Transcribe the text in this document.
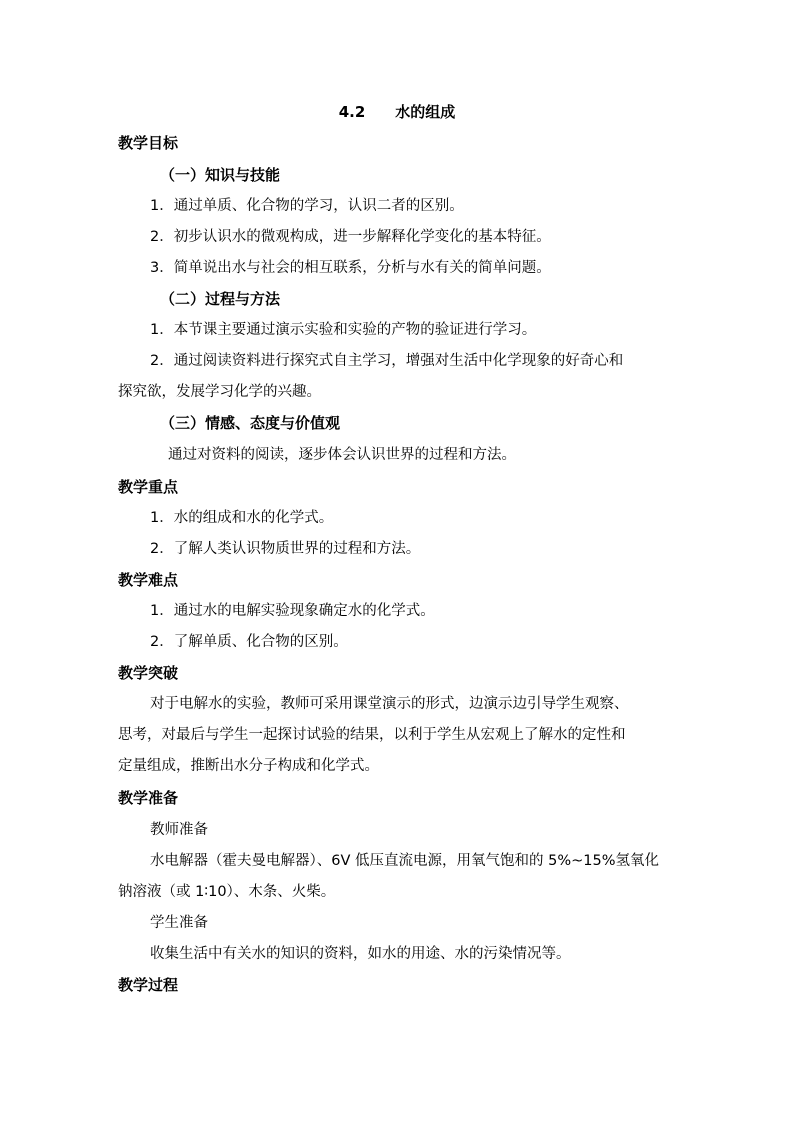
4.2　　水的组成
教学目标
（一）知识与技能
1．通过单质、化合物的学习，认识二者的区别。
2．初步认识水的微观构成，进一步解释化学变化的基本特征。
3．简单说出水与社会的相互联系，分析与水有关的简单问题。
（二）过程与方法
1．本节课主要通过演示实验和实验的产物的验证进行学习。
2．通过阅读资料进行探究式自主学习，增强对生活中化学现象的好奇心和
探究欲，发展学习化学的兴趣。
（三）情感、态度与价值观
通过对资料的阅读，逐步体会认识世界的过程和方法。
教学重点
1．水的组成和水的化学式。
2．了解人类认识物质世界的过程和方法。
教学难点
1．通过水的电解实验现象确定水的化学式。
2．了解单质、化合物的区别。
教学突破
对于电解水的实验，教师可采用课堂演示的形式，边演示边引导学生观察、
思考，对最后与学生一起探讨试验的结果，以利于学生从宏观上了解水的定性和
定量组成，推断出水分子构成和化学式。
教学准备
教师准备
水电解器（霍夫曼电解器）、6V 低压直流电源，用氧气饱和的 5%~15%氢氧化
钠溶液（或 1∶10）、木条、火柴。
学生准备
收集生活中有关水的知识的资料，如水的用途、水的污染情况等。
教学过程
